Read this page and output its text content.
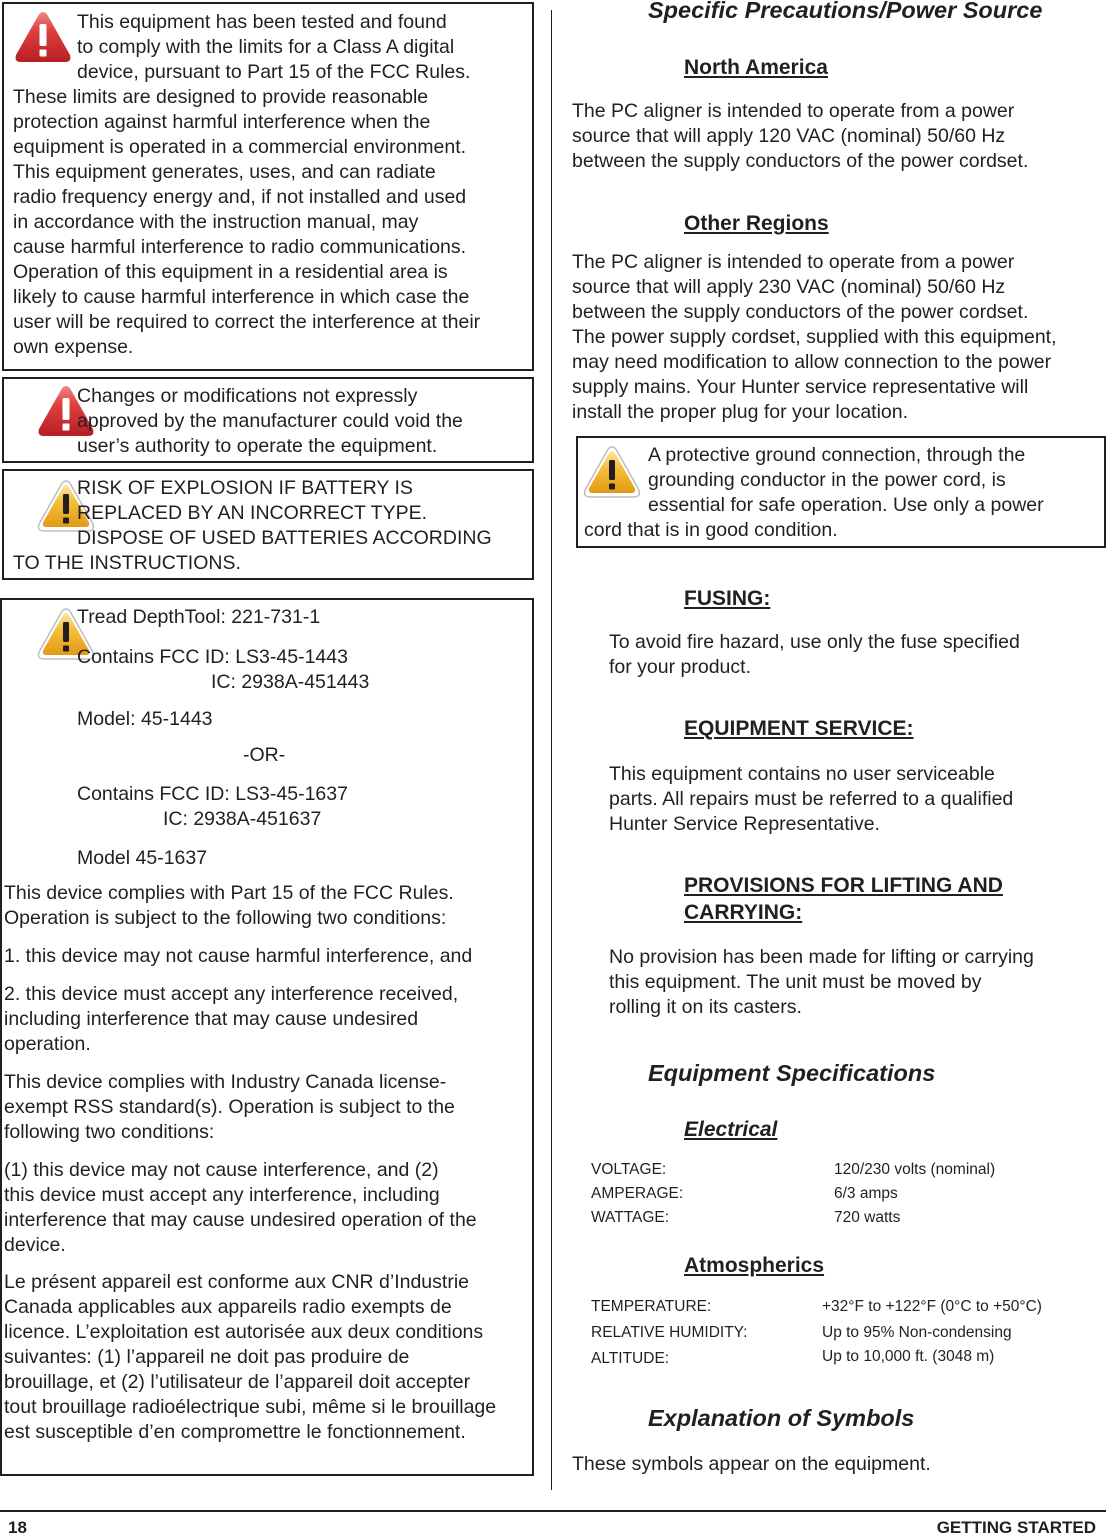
This equipment has been tested and found
to comply with the limits for a Class A digital
device, pursuant to Part 15 of the FCC Rules.
These limits are designed to provide reasonable
protection against harmful interference when the
equipment is operated in a commercial environment.
This equipment generates, uses, and can radiate
radio frequency energy and, if not installed and used
in accordance with the instruction manual, may
cause harmful interference to radio communications.
Operation of this equipment in a residential area is
likely to cause harmful interference in which case the
user will be required to correct the interference at their
own expense.
Changes or modifications not expressly
approved by the manufacturer could void the
user’s authority to operate the equipment.
RISK OF EXPLOSION IF BATTERY IS
REPLACED BY AN INCORRECT TYPE.
DISPOSE OF USED BATTERIES ACCORDING
TO THE INSTRUCTIONS.
Tread DepthTool: 221-731-1
Contains FCC ID: LS3-45-1443
IC: 2938A-451443
Model: 45-1443
-OR-
Contains FCC ID: LS3-45-1637
IC: 2938A-451637
Model 45-1637
This device complies with Part 15 of the FCC Rules.
Operation is subject to the following two conditions:
1. this device may not cause harmful interference, and
2. this device must accept any interference received,
including interference that may cause undesired
operation.
This device complies with Industry Canada license-
exempt RSS standard(s). Operation is subject to the
following two conditions:
(1) this device may not cause interference, and (2)
this device must accept any interference, including
interference that may cause undesired operation of the
device.
Le présent appareil est conforme aux CNR d’Industrie
Canada applicables aux appareils radio exempts de
licence. L’exploitation est autorisée aux deux conditions
suivantes: (1) l’appareil ne doit pas produire de
brouillage, et (2) l’utilisateur de l’appareil doit accepter
tout brouillage radioélectrique subi, même si le brouillage
est susceptible d’en compromettre le fonctionnement.
Specific Precautions/Power Source
North America
The PC aligner is intended to operate from a power
source that will apply 120 VAC (nominal) 50/60 Hz
between the supply conductors of the power cordset.
Other Regions
The PC aligner is intended to operate from a power
source that will apply 230 VAC (nominal) 50/60 Hz
between the supply conductors of the power cordset.
The power supply cordset, supplied with this equipment,
may need modification to allow connection to the power
supply mains. Your Hunter service representative will
install the proper plug for your location.
A protective ground connection, through the
grounding conductor in the power cord, is
essential for safe operation. Use only a power
cord that is in good condition.
FUSING:
To avoid fire hazard, use only the fuse specified
for your product.
EQUIPMENT SERVICE:
This equipment contains no user serviceable
parts. All repairs must be referred to a qualified
Hunter Service Representative.
PROVISIONS FOR LIFTING AND
CARRYING:
No provision has been made for lifting or carrying
this equipment. The unit must be moved by
rolling it on its casters.
Equipment Specifications
Electrical
VOLTAGE:	120/230 volts (nominal)
AMPERAGE:	6/3 amps
WATTAGE:	720 watts
Atmospherics
TEMPERATURE:	+32°F to +122°F (0°C to +50°C)
RELATIVE HUMIDITY:	Up to 95% Non-condensing
ALTITUDE:	Up to 10,000 ft. (3048 m)
Explanation of Symbols
These symbols appear on the equipment.
18	GETTING STARTED
